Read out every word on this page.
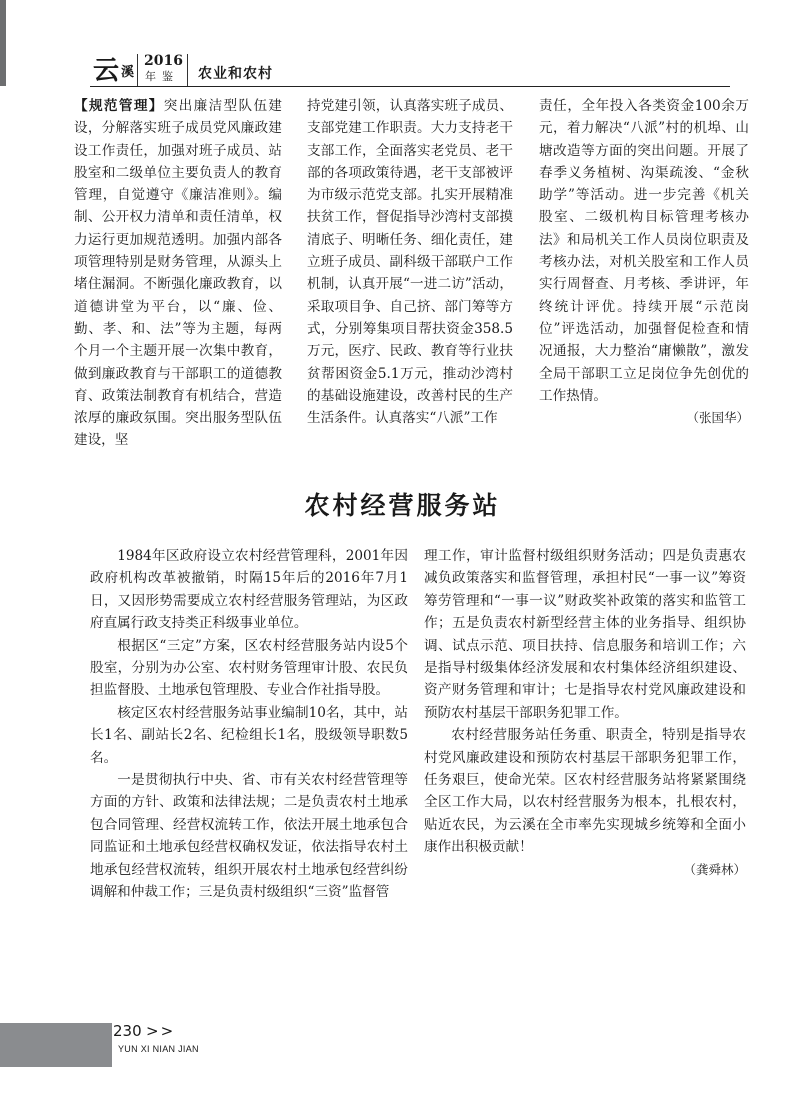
云 溪
2016
年鉴 农业和农村

【规范管理】突出廉洁型队伍建设，分解落实班子成员党风廉政建设工作责任，加强对班子成员、站股室和二级单位主要负责人的教育管理，自觉遵守《廉洁准则》。编制、公开权力清单和责任清单，权力运行更加规范透明。加强内部各项管理特别是财务管理，从源头上堵住漏洞。不断强化廉政教育，以道德讲堂为平台，以“廉、俭、勤、孝、和、法”等为主题，每两个月一个主题开展一次集中教育，做到廉政教育与干部职工的道德教育、政策法制教育有机结合，营造浓厚的廉政氛围。突出服务型队伍建设，坚

持党建引领，认真落实班子成员、支部党建工作职责。大力支持老干支部工作，全面落实老党员、老干部的各项政策待遇，老干支部被评为市级示范党支部。扎实开展精准扶贫工作，督促指导沙湾村支部摸清底子、明晰任务、细化责任，建立班子成员、副科级干部联户工作机制，认真开展“一进二访”活动，采取项目争、自己挤、部门筹等方式，分别筹集项目帮扶资金358.5万元，医疗、民政、教育等行业扶贫帮困资金5.1万元，推动沙湾村的基础设施建设，改善村民的生产生活条件。认真落实“八派”工作

责任，全年投入各类资金100余万元，着力解决“八派”村的机埠、山塘改造等方面的突出问题。开展了春季义务植树、沟渠疏浚、“金秋助学”等活动。进一步完善《机关股室、二级机构目标管理考核办法》和局机关工作人员岗位职责及考核办法，对机关股室和工作人员实行周督查、月考核、季讲评，年终统计评优。持续开展“示范岗位”评选活动，加强督促检查和情况通报，大力整治“庸懒散”，激发全局干部职工立足岗位争先创优的工作热情。

（张国华）
农村经营服务站

1984年区政府设立农村经营管理科，2001年因政府机构改革被撤销，时隔15年后的2016年7月1日，又因形势需要成立农村经营服务管理站，为区政府直属行政支持类正科级事业单位。

根据区“三定”方案，区农村经营服务站内设5个股室，分别为办公室、农村财务管理审计股、农民负担监督股、土地承包管理股、专业合作社指导股。

核定区农村经营服务站事业编制10名，其中，站长1名、副站长2名、纪检组长1名，股级领导职数5名。

一是贯彻执行中央、省、市有关农村经营管理等方面的方针、政策和法律法规；二是负责农村土地承包合同管理、经营权流转工作，依法开展土地承包合同监证和土地承包经营权确权发证，依法指导农村土地承包经营权流转，组织开展农村土地承包经营纠纷调解和仲裁工作；三是负责村级组织“三资”监督管

理工作，审计监督村级组织财务活动；四是负责惠农减负政策落实和监督管理，承担村民“一事一议”筹资筹劳管理和“一事一议”财政奖补政策的落实和监管工作；五是负责农村新型经营主体的业务指导、组织协调、试点示范、项目扶持、信息服务和培训工作；六是指导村级集体经济发展和农村集体经济组织建设、资产财务管理和审计；七是指导农村党风廉政建设和预防农村基层干部职务犯罪工作。

农村经营服务站任务重、职责全，特别是指导农村党风廉政建设和预防农村基层干部职务犯罪工作，任务艰巨，使命光荣。区农村经营服务站将紧紧围绕全区工作大局，以农村经营服务为根本，扎根农村，贴近农民，为云溪在全市率先实现城乡统筹和全面小康作出积极贡献！

（龚舜林）
230 >>
YUN XI NIAN JIAN
